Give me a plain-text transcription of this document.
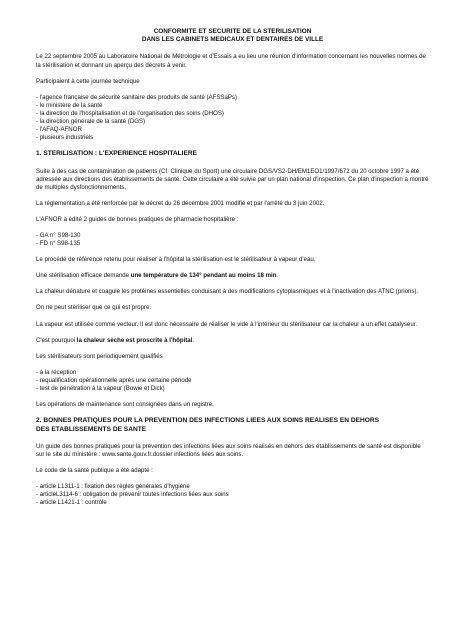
CONFORMITE ET SECURITE DE LA STERILISATION
DANS LES CABINETS MEDICAUX ET DENTAIRES DE VILLE

Le 22 septembre 2005 au Laboratoire National de Métrologie et d'Essais a eu lieu une réunion d'information concernant les nouvelles normes de la stérilisation et donnant un aperçu des décrets à venir.

Participaient à cette journée technique

- l'agence française de sécurité sanitaire des produits de santé (AFSSaPs)
- le ministère de la santé
- la direction de l'hospitalisation et de l'organisation des soins (DHOS)
- la direction générale de la santé (DGS)
- l'AFAQ-AFNOR
- plusieurs industriels
1. STERILISATION : L'EXPERIENCE HOSPITALIERE

Suite à des cas de contamination de patients (Cf. Clinique du Sport) une circulaire DGS/VS2-DH/EM1EO1/1997/672 du 20 octobre 1997 a été adressée aux directions des établissements de santé. Cette circulaire a été suivie par un plan national d'inspection. Ce plan d'inspection a montré de multiples dysfonctionnements.

La réglementation a été renforcée par le décret du 26 décembre 2001 modifié et par l'arrêté du 3 juin 2002.

L'AFNOR a édité 2 guides de bonnes pratiques de pharmacie hospitalière :

- GA n° S98-130
- FD n° S98-135

Le procédé de référence retenu pour réaliser à l'hôpital la stérilisation est le stérilisateur à vapeur d'eau.

Une stérilisation efficace demande une température de 134° pendant au moins 18 min.

La chaleur dénature et coagule les protéines essentielles conduisant à des modifications cytoplasmiques et à l'inactivation des ATNC (prions).

On ne peut stériliser que ce qui est propre.

La vapeur est utilisée comme vecteur. Il est donc nécessaire de réaliser le vide à l'intérieur du stérilisateur car la chaleur a un effet catalyseur.

C'est pourquoi la chaleur sèche est proscrite à l'hôpital.

Les stérilisateurs sont périodiquement qualifiés

- à la réception
- requalification opérationnelle après une certaine période
- test de pénétration à la vapeur (Bowie et Dick)

Les opérations de maintenance sont consignées dans un registre.

2. BONNES PRATIQUES POUR LA PREVENTION DES INFECTIONS LIEES AUX SOINS REALISES EN DEHORS
DES ETABLISSEMENTS DE SANTE

Un guide des bonnes pratiques pour la prévention des infections liées aux soins réalisés en dehors des établissements de santé est disponible sur le site du ministère : www.sante.gouv.fr.dossier infections liées aux soins.

Le code de la santé publique a été adapté :

- article L1311-1 : fixation des règles générales d'hygiène
- articleL3114-6 : obligation de prévenir toutes infections liées aux soins
- article L1421-1 : contrôle
